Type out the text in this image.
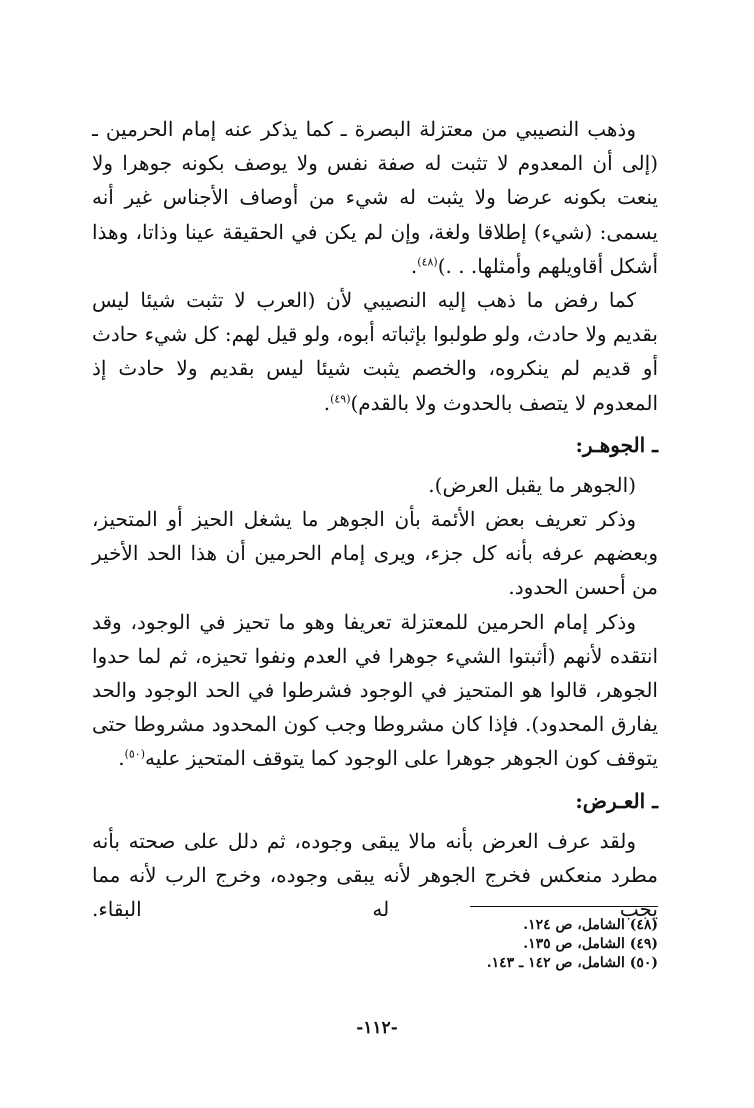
وذهب النصيبي من معتزلة البصرة ـ كما يذكر عنه إمام الحرمين ـ (إلى أن المعدوم لا تثبت له صفة نفس ولا يوصف بكونه جوهرا ولا ينعت بكونه عرضا ولا يثبت له شيء من أوصاف الأجناس غير أنه يسمى: (شيء) إطلاقا ولغة، وإن لم يكن في الحقيقة عينا وذاتا، وهذا أشكل أقاويلهم وأمثلها. . .)$^{(٤٨)}$.

كما رفض ما ذهب إليه النصيبي لأن (العرب لا تثبت شيئا ليس بقديم ولا حادث، ولو طولبوا بإثباته أبوه، ولو قيل لهم: كل شيء حادث أو قديم لم ينكروه، والخصم يثبت شيئا ليس بقديم ولا حادث إذ المعدوم لا يتصف بالحدوث ولا بالقدم)$^{(٤٩)}$.

ـ الجوهـر:

(الجوهر ما يقبل العرض).

وذكر تعريف بعض الأئمة بأن الجوهر ما يشغل الحيز أو المتحيز، وبعضهم عرفه بأنه كل جزء، ويرى إمام الحرمين أن هذا الحد الأخير من أحسن الحدود.

وذكر إمام الحرمين للمعتزلة تعريفا وهو ما تحيز في الوجود، وقد انتقده لأنهم (أثبتوا الشيء جوهرا في العدم ونفوا تحيزه، ثم لما حدوا الجوهر، قالوا هو المتحيز في الوجود فشرطوا في الحد الوجود والحد يفارق المحدود). فإذا كان مشروطا وجب كون المحدود مشروطا حتى يتوقف كون الجوهر جوهرا على الوجود كما يتوقف المتحيز عليه$^{(٥٠)}$.

ـ العـرض:

ولقد عرف العرض بأنه مالا يبقى وجوده، ثم دلل على صحته بأنه مطرد منعكس فخرج الجوهر لأنه يبقى وجوده، وخرج الرب لأنه مما يجب له البقاء.

(٤٨) الشامل، ص ١٢٤.

(٤٩) الشامل، ص ١٣٥.

(٥٠) الشامل، ص ١٤٢ ـ ١٤٣.

-١١٢-
